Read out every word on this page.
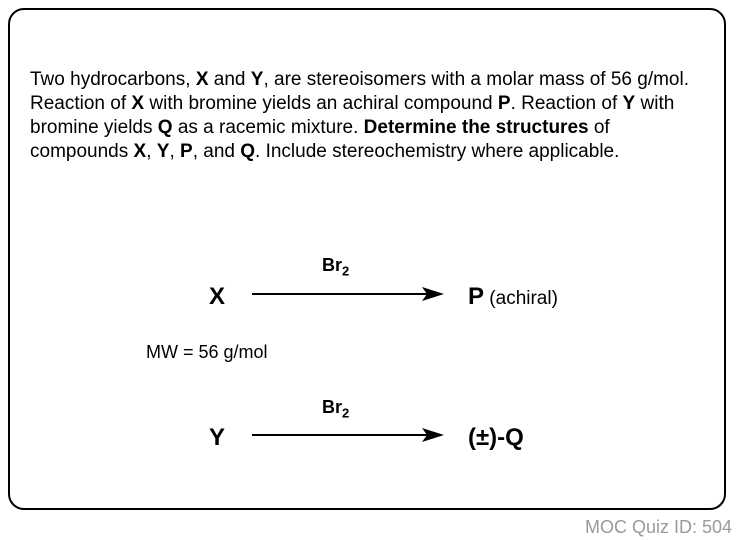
Two hydrocarbons, X and Y, are stereoisomers with a molar mass of 56 g/mol. Reaction of X with bromine yields an achiral compound P. Reaction of Y with bromine yields Q as a racemic mixture. Determine the structures of compounds X, Y, P, and Q. Include stereochemistry where applicable.

X
$Br_2$
P (achiral)
MW = 56 g/mol
Y
$Br_2$
(±)-Q
MOC Quiz ID: 504
